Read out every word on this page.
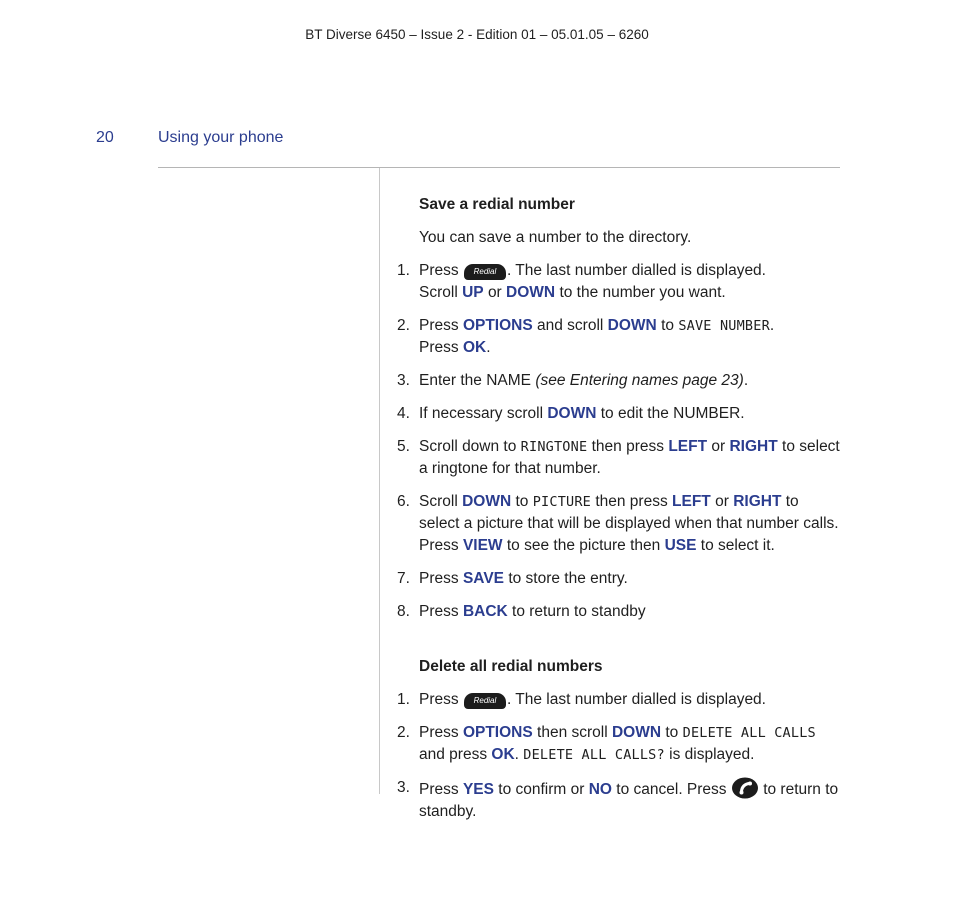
BT Diverse 6450 – Issue 2 - Edition 01 – 05.01.05 – 6260
20	Using your phone
Save a redial number
You can save a number to the directory.
1. Press Redial . The last number dialled is displayed.
Scroll UP or DOWN to the number you want.
2. Press OPTIONS and scroll DOWN to SAVE NUMBER.
Press OK.
3. Enter the NAME (see Entering names page 23).
4. If necessary scroll DOWN to edit the NUMBER.
5. Scroll down to RINGTONE then press LEFT or RIGHT to select a ringtone for that number.
6. Scroll DOWN to PICTURE then press LEFT or RIGHT to select a picture that will be displayed when that number calls. Press VIEW to see the picture then USE to select it.
7. Press SAVE to store the entry.
8. Press BACK to return to standby
Delete all redial numbers
1. Press Redial . The last number dialled is displayed.
2. Press OPTIONS then scroll DOWN to DELETE ALL CALLS
and press OK. DELETE ALL CALLS? is displayed.
3. Press YES to confirm or NO to cancel. Press to return to standby.
